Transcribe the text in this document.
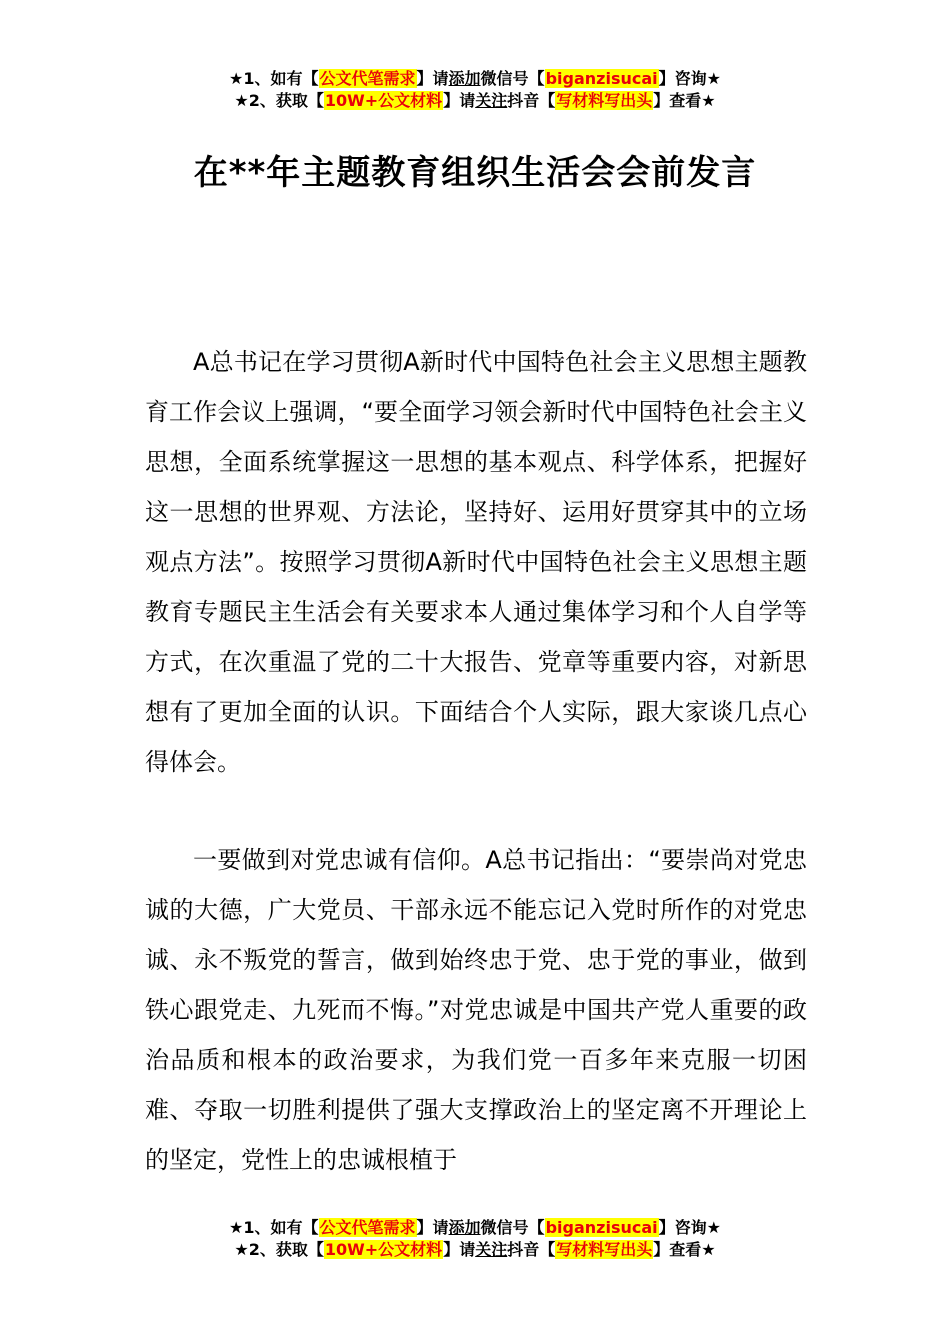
★1、如有【公文代笔需求】请添加微信号【biganzisucai】咨询★
★2、获取【10W+公文材料】请关注抖音【写材料写出头】查看★
在**年主题教育组织生活会会前发言

A总书记在学习贯彻A新时代中国特色社会主义思想主题教育工作会议上强调，“要全面学习领会新时代中国特色社会主义思想，全面系统掌握这一思想的基本观点、科学体系，把握好这一思想的世界观、方法论，坚持好、运用好贯穿其中的立场观点方法”。按照学习贯彻A新时代中国特色社会主义思想主题教育专题民主生活会有关要求本人通过集体学习和个人自学等方式，在次重温了党的二十大报告、党章等重要内容，对新思想有了更加全面的认识。下面结合个人实际，跟大家谈几点心得体会。

一要做到对党忠诚有信仰。A总书记指出：“要崇尚对党忠诚的大德，广大党员、干部永远不能忘记入党时所作的对党忠诚、永不叛党的誓言，做到始终忠于党、忠于党的事业，做到铁心跟党走、九死而不悔。”对党忠诚是中国共产党人重要的政治品质和根本的政治要求，为我们党一百多年来克服一切困难、夺取一切胜利提供了强大支撑政治上的坚定离不开理论上的坚定，党性上的忠诚根植于

★1、如有【公文代笔需求】请添加微信号【biganzisucai】咨询★
★2、获取【10W+公文材料】请关注抖音【写材料写出头】查看★
